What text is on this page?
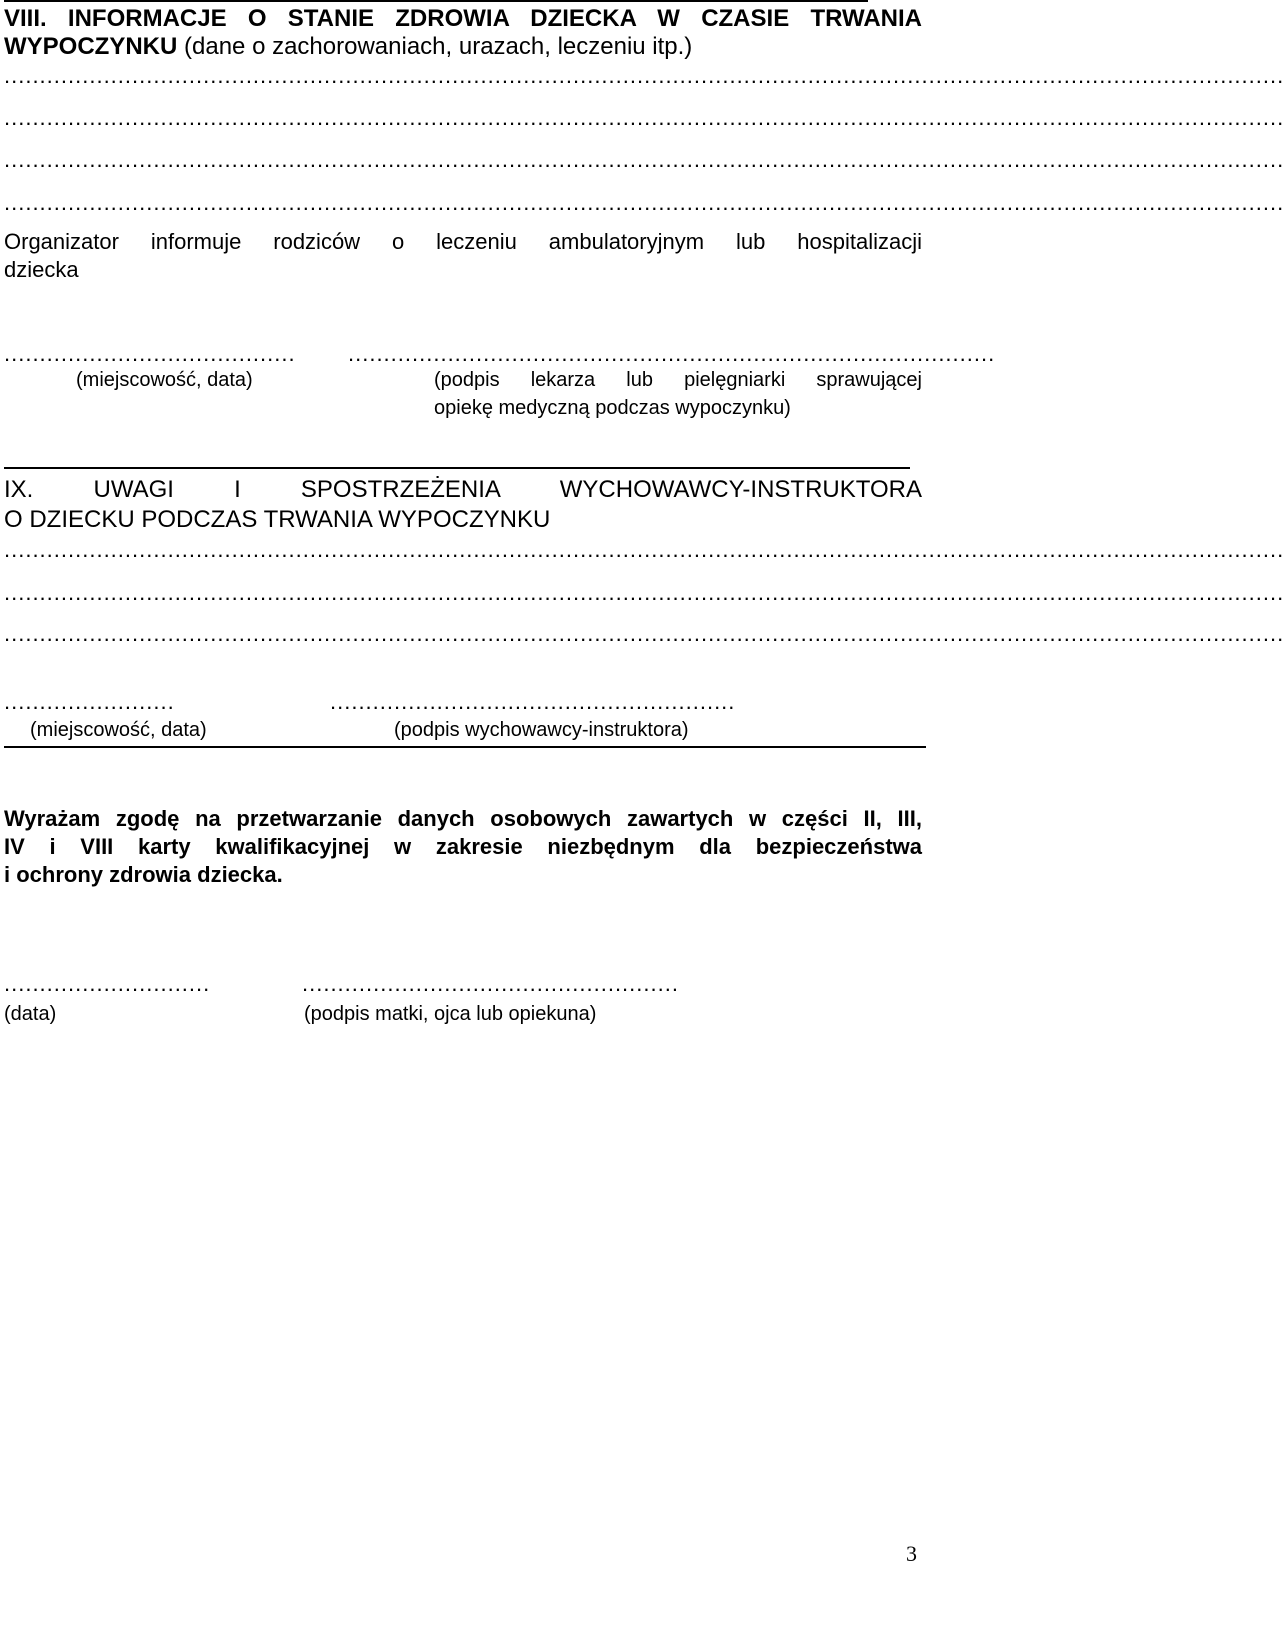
VIII. INFORMACJE O STANIE ZDROWIA DZIECKA W CZASIE TRWANIA
WYPOCZYNKU (dane o zachorowaniach, urazach, leczeniu itp.)
....................................................................................................................................................................................
....................................................................................................................................................................................
....................................................................................................................................................................................
....................................................................................................................................................................................
Organizator informuje rodziców o leczeniu ambulatoryjnym lub hospitalizacji
dziecka
.........................................	...........................................................................................
(miejscowość, data)	(podpis lekarza lub pielęgniarki sprawującej
opiekę medyczną podczas wypoczynku)
IX. UWAGI I SPOSTRZEŻENIA WYCHOWAWCY-INSTRUKTORA
O DZIECKU PODCZAS TRWANIA WYPOCZYNKU
....................................................................................................................................................................................
....................................................................................................................................................................................
....................................................................................................................................................................................
........................	.........................................................
(miejscowość, data)	(podpis wychowawcy-instruktora)
Wyrażam zgodę na przetwarzanie danych osobowych zawartych w części II, III,
IV i VIII karty kwalifikacyjnej w zakresie niezbędnym dla bezpieczeństwa
i ochrony zdrowia dziecka.
.............................	.....................................................
(data)	(podpis matki, ojca lub opiekuna)
3
